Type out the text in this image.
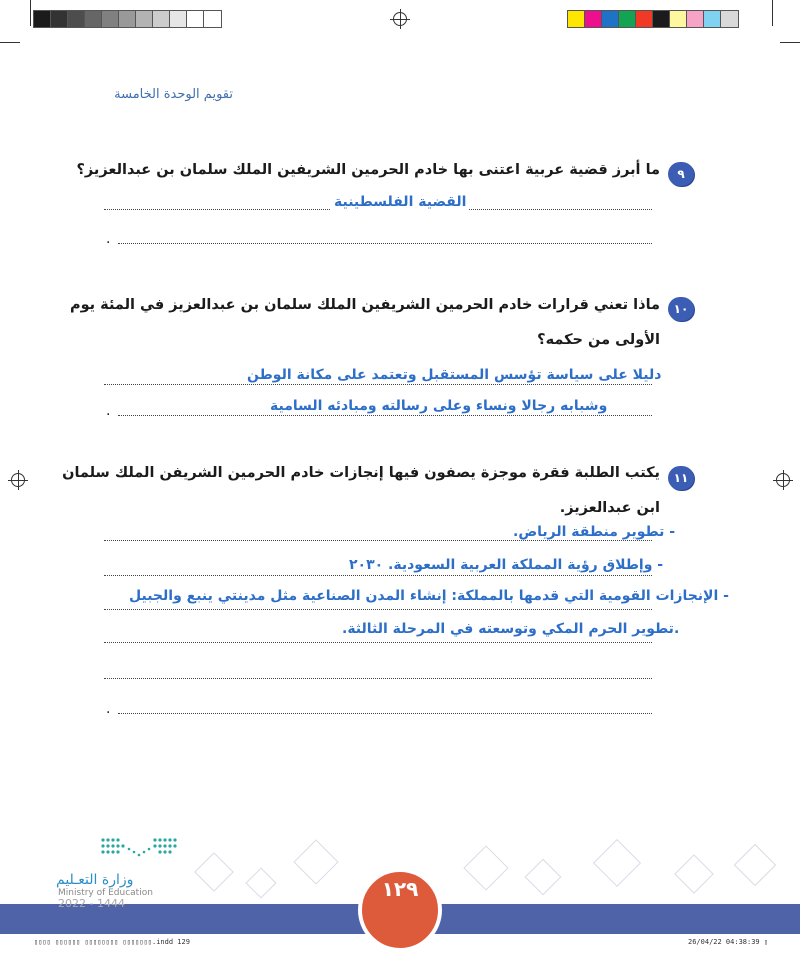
تقويم الوحدة الخامسة
٩
ما أبرز قضية عربية اعتنى بها خادم الحرمين الشريفين الملك سلمان بن عبدالعزيز؟
القضية الفلسطينية
.
١٠
ماذا تعني قرارات خادم الحرمين الشريفين الملك سلمان بن عبدالعزيز في المئة يوم
الأولى من حكمه؟
دليلا على سياسة تؤسس المستقبل وتعتمد على مكانة الوطن
وشبابه رجالا ونساء وعلى رسالته ومبادئه السامية
.
١١
يكتب الطلبة فقرة موجزة يصفون فيها إنجازات خادم الحرمين الشريفن الملك سلمان
ابن عبدالعزيز.
- تطوير منطقة الرياض.
- وإطلاق رؤية المملكة العربية السعودية. ٢٠٣٠
- الإنجازات القومية التي قدمها بالمملكة: إنشاء المدن الصناعية مثل مدينتي ينبع والجبيل
.تطوير الحرم المكي وتوسعته في المرحلة الثالثة.
.
١٢٩
وزارة التعـليم
Ministry of Education
2022 - 1444
▯▯▯▯ ▯▯▯▯▯▯ ▯▯▯▯▯▯▯▯ ▯▯▯▯▯▯▯.indd 129	26/04/22 04:38:39 ▯
